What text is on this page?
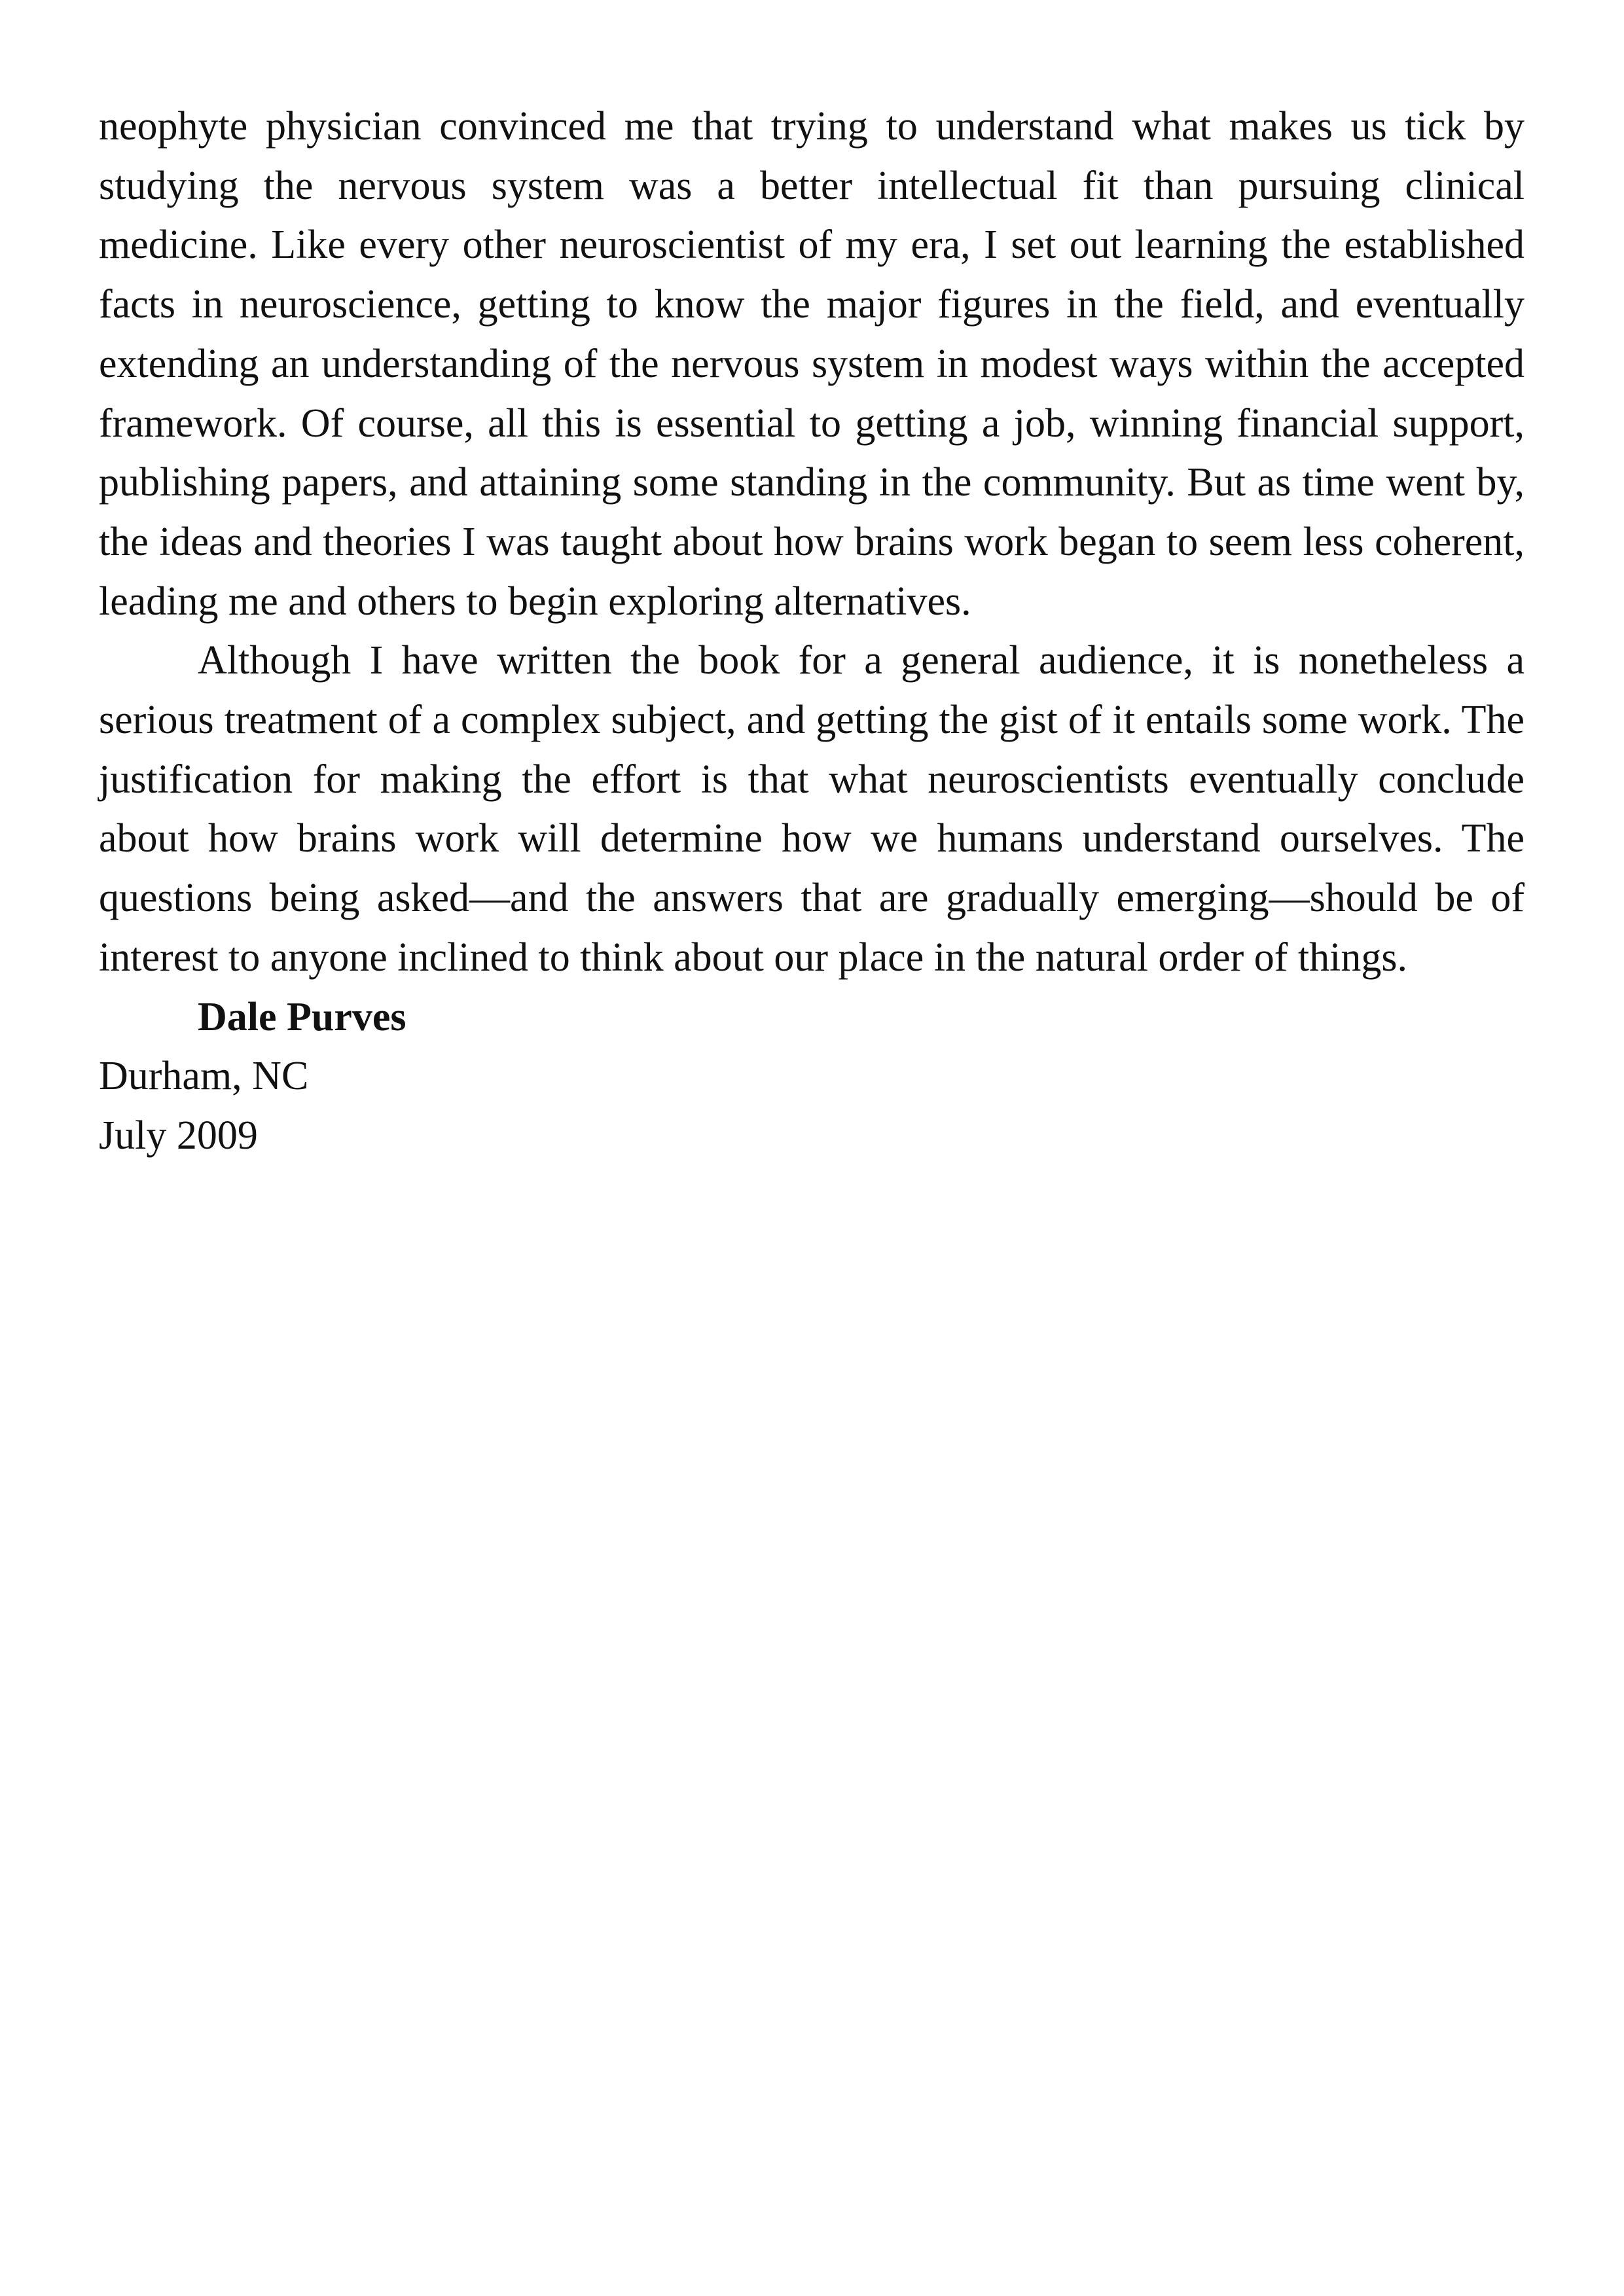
neophyte physician convinced me that trying to understand what makes us tick by studying the nervous system was a better intellectual fit than pursuing clinical medicine. Like every other neuroscientist of my era, I set out learning the established facts in neuroscience, getting to know the major figures in the field, and eventually extending an understanding of the nervous system in modest ways within the accepted framework. Of course, all this is essential to getting a job, winning financial support, publishing papers, and attaining some standing in the community. But as time went by, the ideas and theories I was taught about how brains work began to seem less coherent, leading me and others to begin exploring alternatives.

Although I have written the book for a general audience, it is nonetheless a serious treatment of a complex subject, and getting the gist of it entails some work. The justification for making the effort is that what neuroscientists eventually conclude about how brains work will determine how we humans understand ourselves. The questions being asked—and the answers that are gradually emerging—should be of interest to anyone inclined to think about our place in the natural order of things.

Dale Purves

Durham, NC

July 2009
